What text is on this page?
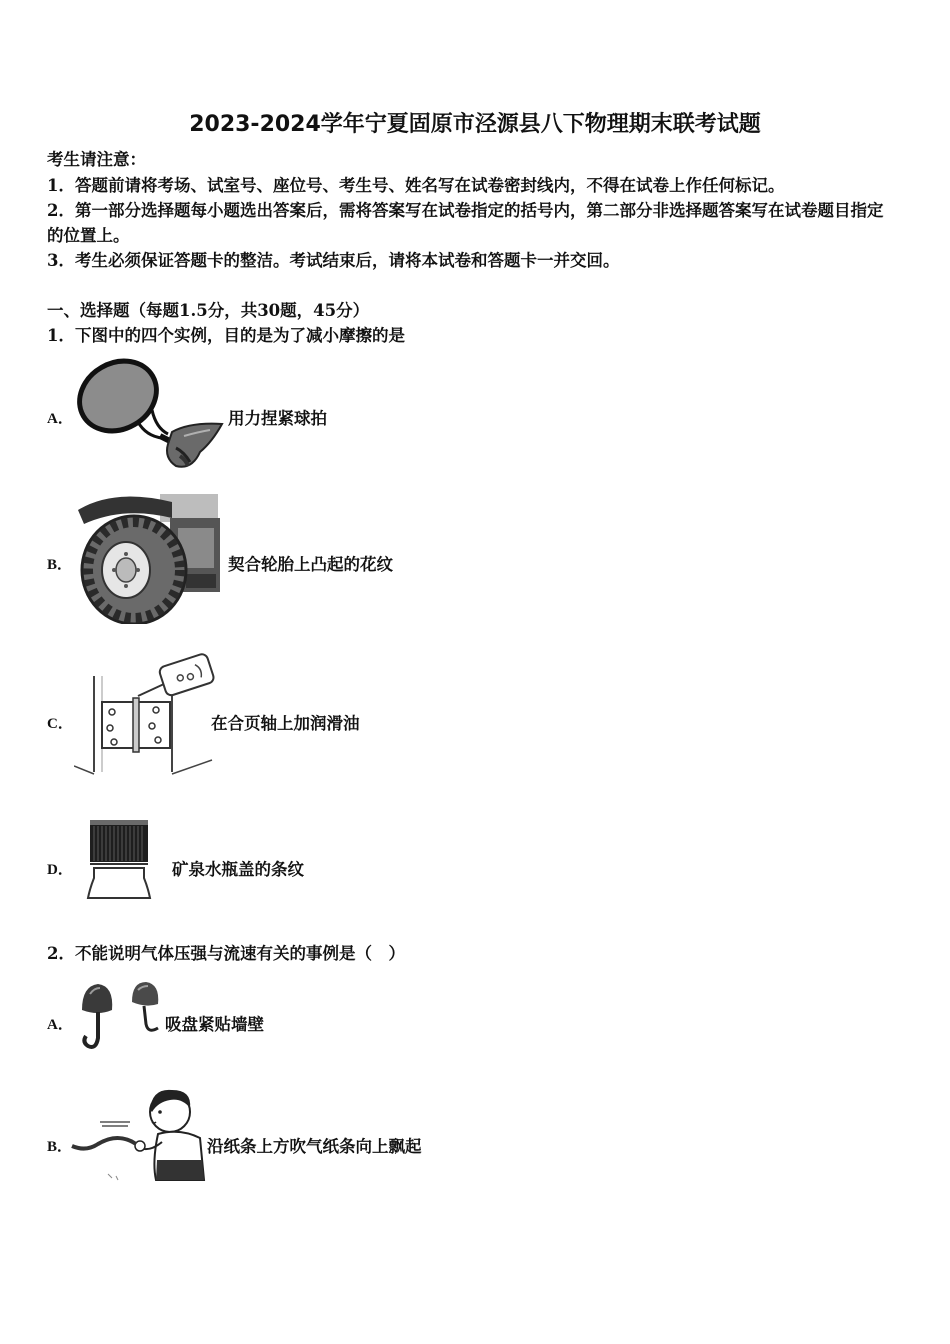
2023-2024学年宁夏固原市泾源县八下物理期末联考试题
考生请注意：
1．答题前请将考场、试室号、座位号、考生号、姓名写在试卷密封线内，不得在试卷上作任何标记。
2．第一部分选择题每小题选出答案后，需将答案写在试卷指定的括号内，第二部分非选择题答案写在试卷题目指定
的位置上。
3．考生必须保证答题卡的整洁。考试结束后，请将本试卷和答题卡一并交回。
一、选择题（每题1.5分，共30题，45分）
1．下图中的四个实例，目的是为了减小摩擦的是
A．	用力捏紧球拍
B．	契合轮胎上凸起的花纹
C．	在合页轴上加润滑油
D．	矿泉水瓶盖的条纹
2．不能说明气体压强与流速有关的事例是（　）
A．	吸盘紧贴墙壁
B．	沿纸条上方吹气纸条向上飘起
